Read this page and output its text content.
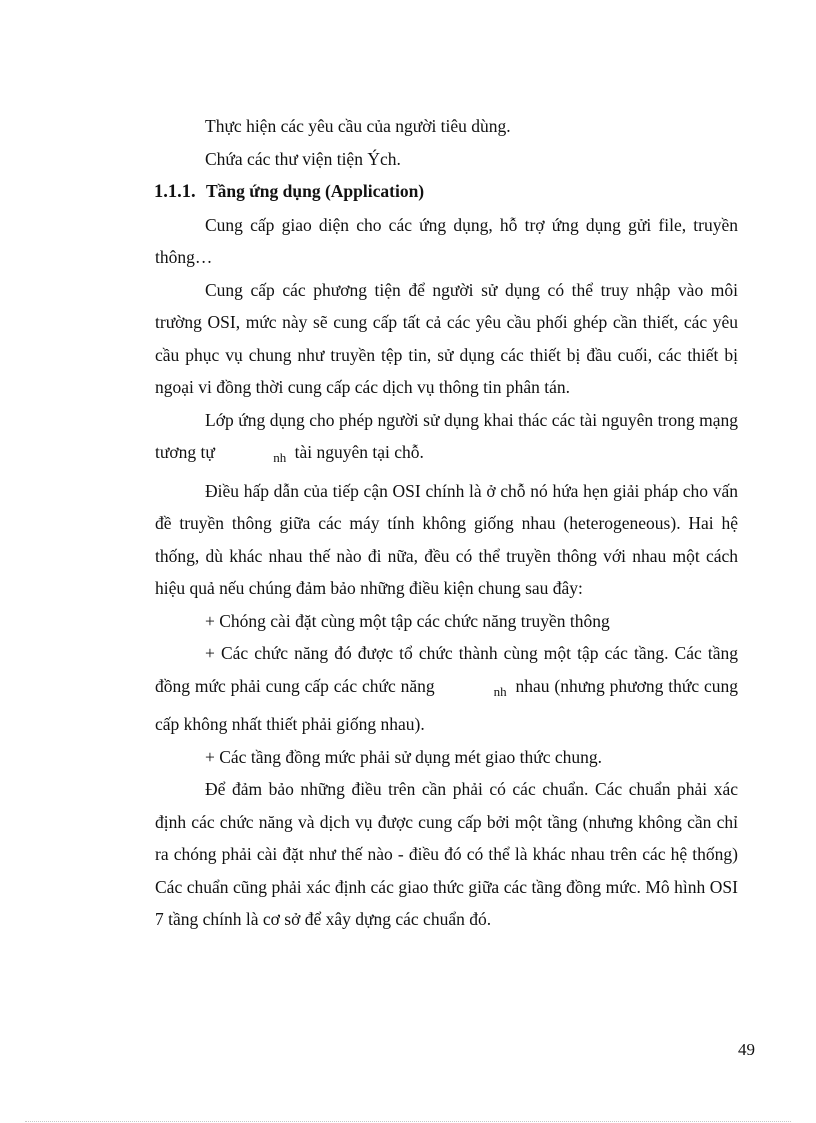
Thực hiện các yêu cầu của người tiêu dùng.

Chứa các thư viện tiện Ých.

1.1.1. Tầng ứng dụng (Application)

Cung cấp giao diện cho các ứng dụng, hỗ trợ ứng dụng gửi file, truyền thông…

Cung cấp các phương tiện để người sử dụng có thể truy nhập vào môi trường OSI, mức này sẽ cung cấp tất cả các yêu cầu phối ghép cần thiết, các yêu cầu phục vụ chung như truyền tệp tin, sử dụng các thiết bị đầu cuối, các thiết bị ngoại vi đồng thời cung cấp các dịch vụ thông tin phân tán.

Lớp ứng dụng cho phép người sử dụng khai thác các tài nguyên trong mạng tương tự	nh tài nguyên tại chỗ.

Điều hấp dẫn của tiếp cận OSI chính là ở chỗ nó hứa hẹn giải pháp cho vấn đề truyền thông giữa các máy tính không giống nhau (heterogeneous). Hai hệ thống, dù khác nhau thế nào đi nữa, đều có thể truyền thông với nhau một cách hiệu quả nếu chúng đảm bảo những điều kiện chung sau đây:

+ Chóng cài đặt cùng một tập các chức năng truyền thông

+ Các chức năng đó được tổ chức thành cùng một tập các tầng. Các tầng đồng mức phải cung cấp các chức năng	nh nhau (nhưng phương thức cung cấp không nhất thiết phải giống nhau).

+ Các tầng đồng mức phải sử dụng mét giao thức chung.

Để đảm bảo những điều trên cần phải có các chuẩn. Các chuẩn phải xác định các chức năng và dịch vụ được cung cấp bởi một tầng (nhưng không cần chỉ ra chóng phải cài đặt như thế nào - điều đó có thể là khác nhau trên các hệ thống) Các chuẩn cũng phải xác định các giao thức giữa các tầng đồng mức. Mô hình OSI 7 tầng chính là cơ sở để xây dựng các chuẩn đó.

49
